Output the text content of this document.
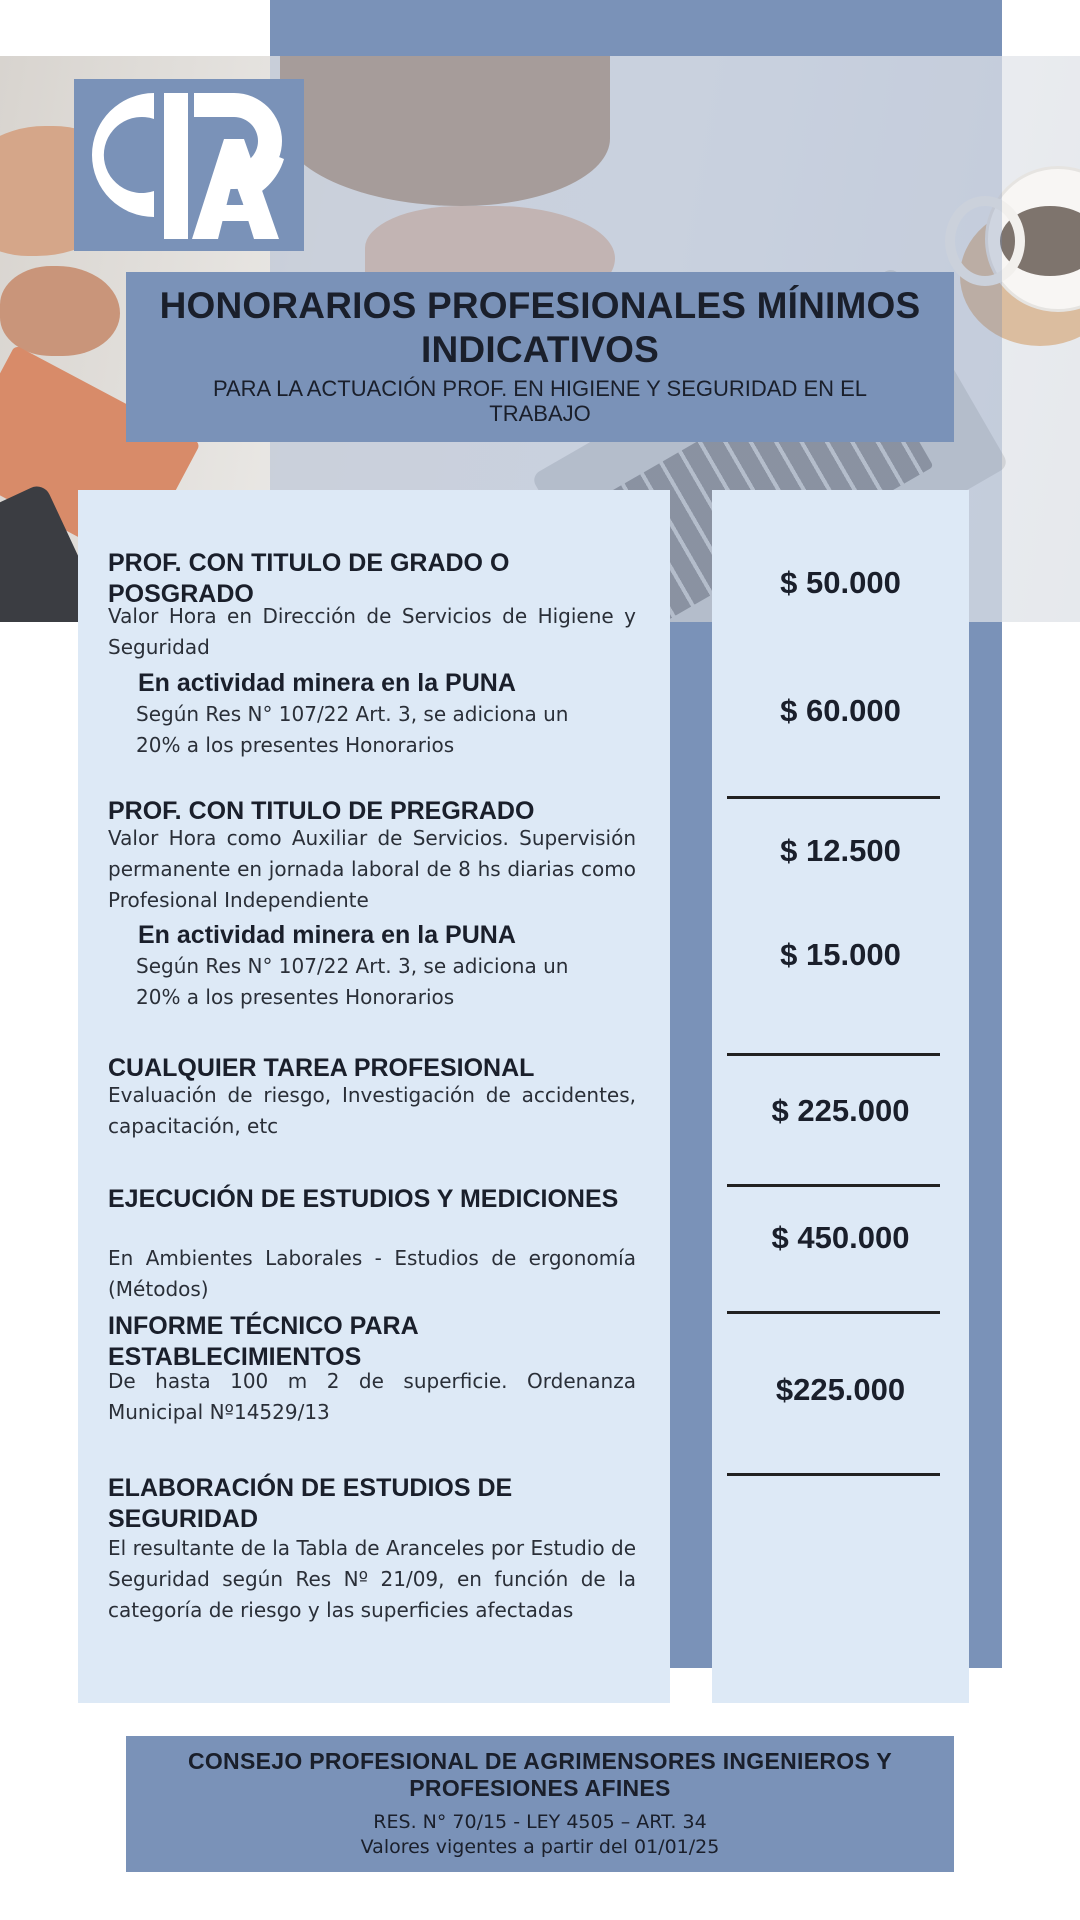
HONORARIOS PROFESIONALES MÍNIMOS INDICATIVOS
PARA LA ACTUACIÓN PROF. EN HIGIENE Y SEGURIDAD EN EL TRABAJO
PROF. CON TITULO DE GRADO O POSGRADO
Valor Hora en Dirección de Servicios de Higiene y Seguridad
$ 50.000
En actividad minera en la PUNA
Según Res N° 107/22 Art. 3, se adiciona un 20% a los presentes Honorarios
$ 60.000
PROF. CON TITULO DE PREGRADO
Valor Hora como Auxiliar de Servicios. Supervisión permanente en jornada laboral de 8 hs diarias como Profesional Independiente
$ 12.500
En actividad minera en la PUNA
Según Res N° 107/22 Art. 3, se adiciona un 20% a los presentes Honorarios
$ 15.000
CUALQUIER TAREA PROFESIONAL
Evaluación de riesgo, Investigación de accidentes, capacitación, etc	$ 225.000
EJECUCIÓN DE ESTUDIOS Y MEDICIONES
En Ambientes Laborales - Estudios de ergonomía (Métodos)
$ 450.000
INFORME TÉCNICO PARA ESTABLECIMIENTOS
De hasta 100 m 2 de superficie. Ordenanza Municipal Nº14529/13
$225.000
ELABORACIÓN DE ESTUDIOS DE SEGURIDAD
El resultante de la Tabla de Aranceles por Estudio de Seguridad según Res Nº 21/09, en función de la categoría de riesgo y las superficies afectadas
CONSEJO PROFESIONAL DE AGRIMENSORES INGENIEROS Y PROFESIONES AFINES
RES. N° 70/15 - LEY 4505 – ART. 34
Valores vigentes a partir del 01/01/25
